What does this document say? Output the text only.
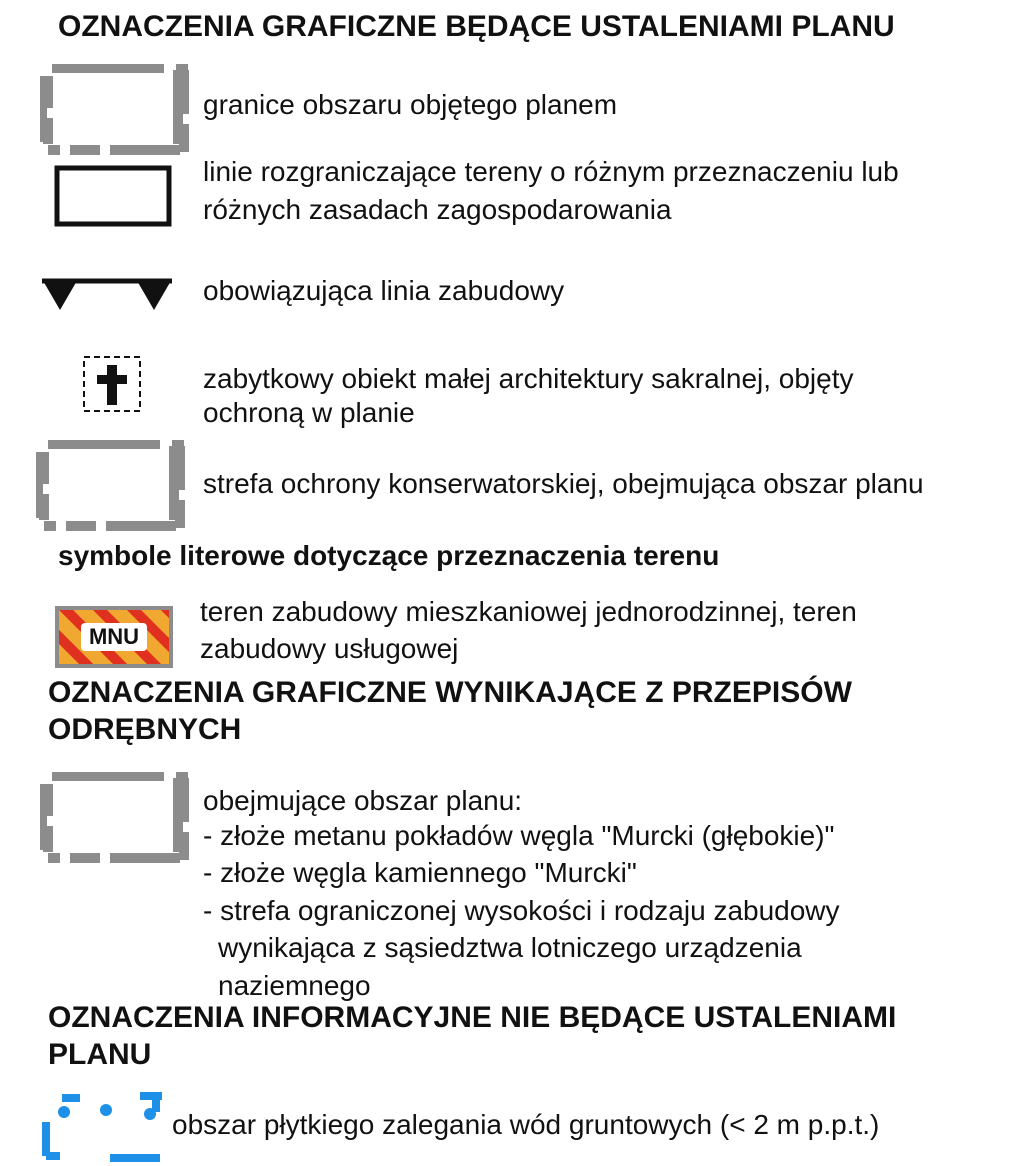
OZNACZENIA GRAFICZNE BĘDĄCE USTALENIAMI PLANU
granice obszaru objętego planem
linie rozgraniczające tereny o różnym przeznaczeniu lub
różnych zasadach zagospodarowania
obowiązująca linia zabudowy
zabytkowy obiekt małej architektury sakralnej, objęty
ochroną w planie
strefa ochrony konserwatorskiej, obejmująca obszar planu
symbole literowe dotyczące przeznaczenia terenu
MNU
teren zabudowy mieszkaniowej jednorodzinnej, teren
zabudowy usługowej
OZNACZENIA GRAFICZNE WYNIKAJĄCE Z PRZEPISÓW
ODRĘBNYCH
obejmujące obszar planu:
- złoże metanu pokładów węgla "Murcki (głębokie)"
- złoże węgla kamiennego "Murcki"
- strefa ograniczonej wysokości i rodzaju zabudowy
wynikająca z sąsiedztwa lotniczego urządzenia
naziemnego
OZNACZENIA INFORMACYJNE NIE BĘDĄCE USTALENIAMI
PLANU
obszar płytkiego zalegania wód gruntowych (< 2 m p.p.t.)
